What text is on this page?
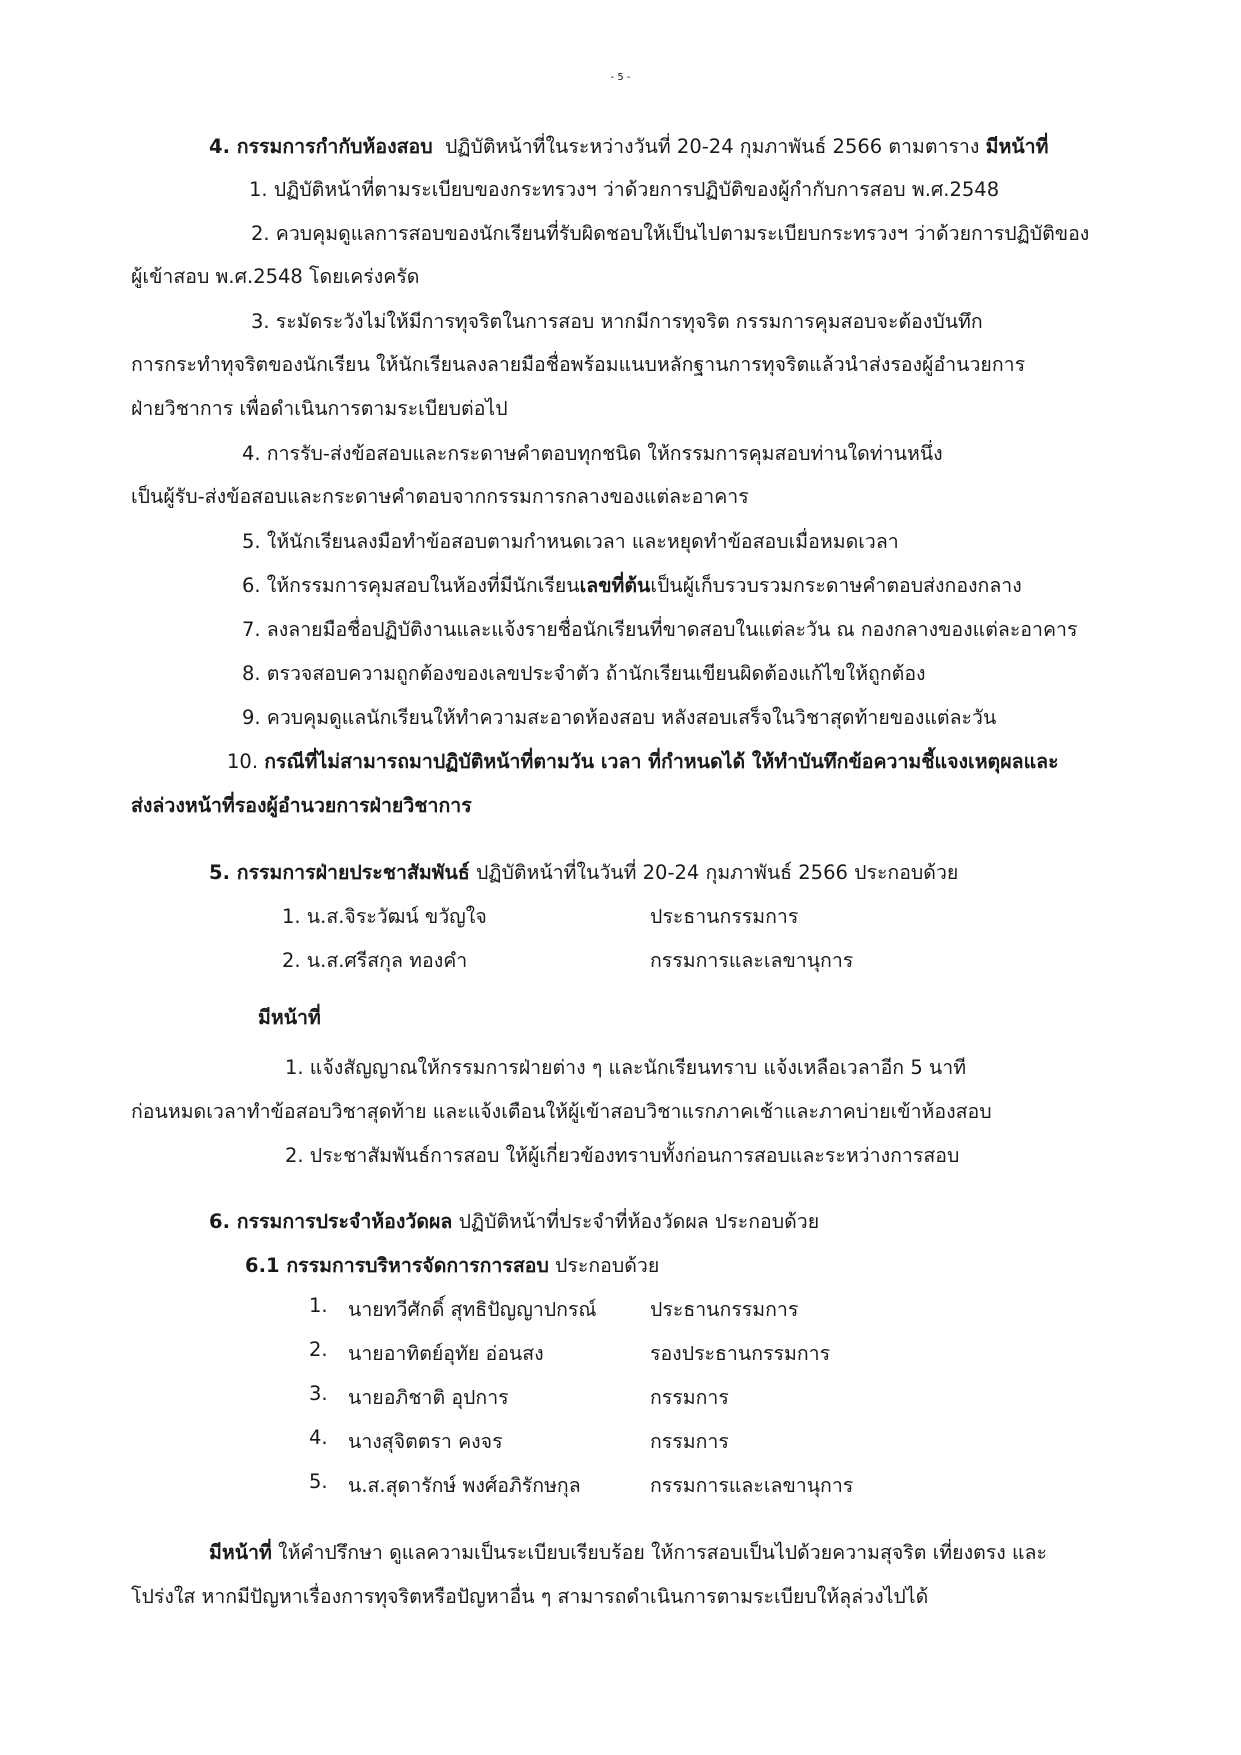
- 5 -
4. กรรมการกำกับห้องสอบ ปฏิบัติหน้าที่ในระหว่างวันที่ 20-24 กุมภาพันธ์ 2566 ตามตาราง มีหน้าที่
1. ปฏิบัติหน้าที่ตามระเบียบของกระทรวงฯ ว่าด้วยการปฏิบัติของผู้กำกับการสอบ พ.ศ.2548
2. ควบคุมดูแลการสอบของนักเรียนที่รับผิดชอบให้เป็นไปตามระเบียบกระทรวงฯ ว่าด้วยการปฏิบัติของ
ผู้เข้าสอบ พ.ศ.2548 โดยเคร่งครัด
3. ระมัดระวังไม่ให้มีการทุจริตในการสอบ หากมีการทุจริต กรรมการคุมสอบจะต้องบันทึก
การกระทำทุจริตของนักเรียน ให้นักเรียนลงลายมือชื่อพร้อมแนบหลักฐานการทุจริตแล้วนำส่งรองผู้อำนวยการ
ฝ่ายวิชาการ เพื่อดำเนินการตามระเบียบต่อไป
4. การรับ-ส่งข้อสอบและกระดาษคำตอบทุกชนิด ให้กรรมการคุมสอบท่านใดท่านหนึ่ง
เป็นผู้รับ-ส่งข้อสอบและกระดาษคำตอบจากกรรมการกลางของแต่ละอาคาร
5. ให้นักเรียนลงมือทำข้อสอบตามกำหนดเวลา และหยุดทำข้อสอบเมื่อหมดเวลา
6. ให้กรรมการคุมสอบในห้องที่มีนักเรียนเลขที่ต้นเป็นผู้เก็บรวบรวมกระดาษคำตอบส่งกองกลาง
7. ลงลายมือชื่อปฏิบัติงานและแจ้งรายชื่อนักเรียนที่ขาดสอบในแต่ละวัน ณ กองกลางของแต่ละอาคาร
8. ตรวจสอบความถูกต้องของเลขประจำตัว ถ้านักเรียนเขียนผิดต้องแก้ไขให้ถูกต้อง
9. ควบคุมดูแลนักเรียนให้ทำความสะอาดห้องสอบ หลังสอบเสร็จในวิชาสุดท้ายของแต่ละวัน
10. กรณีที่ไม่สามารถมาปฏิบัติหน้าที่ตามวัน เวลา ที่กำหนดได้ ให้ทำบันทึกข้อความชี้แจงเหตุผลและ
ส่งล่วงหน้าที่รองผู้อำนวยการฝ่ายวิชาการ
5. กรรมการฝ่ายประชาสัมพันธ์ ปฏิบัติหน้าที่ในวันที่ 20-24 กุมภาพันธ์ 2566 ประกอบด้วย
1. น.ส.จิระวัฒน์ ขวัญใจ	ประธานกรรมการ
2. น.ส.ศรีสกุล ทองคำ	กรรมการและเลขานุการ
มีหน้าที่
1. แจ้งสัญญาณให้กรรมการฝ่ายต่าง ๆ และนักเรียนทราบ แจ้งเหลือเวลาอีก 5 นาที
ก่อนหมดเวลาทำข้อสอบวิชาสุดท้าย และแจ้งเตือนให้ผู้เข้าสอบวิชาแรกภาคเช้าและภาคบ่ายเข้าห้องสอบ
2. ประชาสัมพันธ์การสอบ ให้ผู้เกี่ยวข้องทราบทั้งก่อนการสอบและระหว่างการสอบ
6. กรรมการประจำห้องวัดผล ปฏิบัติหน้าที่ประจำที่ห้องวัดผล ประกอบด้วย
6.1 กรรมการบริหารจัดการการสอบ ประกอบด้วย
1. นายทวีศักดิ์ สุทธิปัญญาปกรณ์	ประธานกรรมการ
2. นายอาทิตย์อุทัย อ่อนสง	รองประธานกรรมการ
3. นายอภิชาติ อุปการ	กรรมการ
4. นางสุจิตตรา คงจร	กรรมการ
5. น.ส.สุดารักษ์ พงศ์อภิรักษกุล	กรรมการและเลขานุการ
มีหน้าที่ ให้คำปรึกษา ดูแลความเป็นระเบียบเรียบร้อย ให้การสอบเป็นไปด้วยความสุจริต เที่ยงตรง และ
โปร่งใส หากมีปัญหาเรื่องการทุจริตหรือปัญหาอื่น ๆ สามารถดำเนินการตามระเบียบให้ลุล่วงไปได้
